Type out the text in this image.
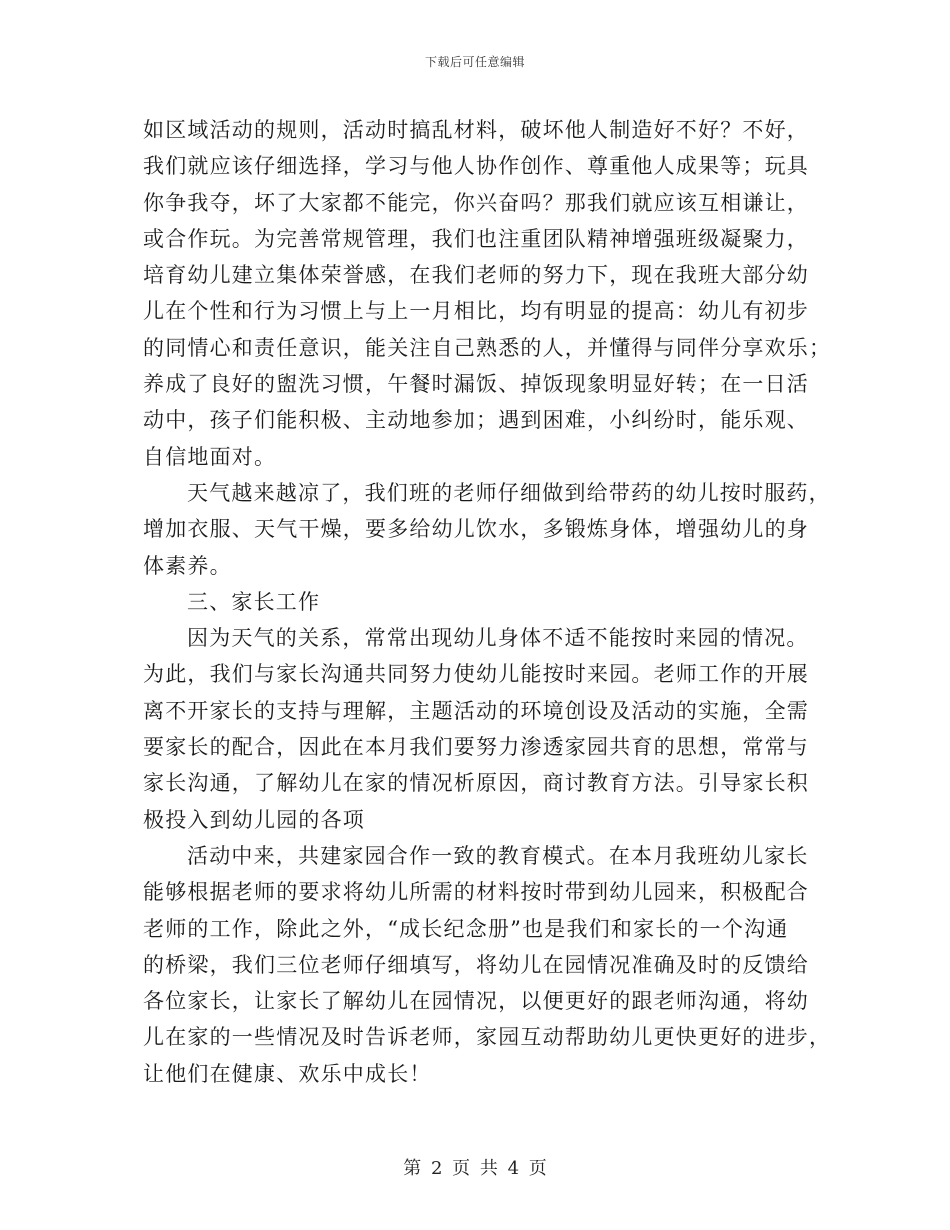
下载后可任意编辑
如区域活动的规则，活动时搞乱材料，破坏他人制造好不好？不好，
我们就应该仔细选择，学习与他人协作创作、尊重他人成果等；玩具
你争我夺，坏了大家都不能完，你兴奋吗？那我们就应该互相谦让，
或合作玩。为完善常规管理，我们也注重团队精神增强班级凝聚力，
培育幼儿建立集体荣誉感，在我们老师的努力下，现在我班大部分幼
儿在个性和行为习惯上与上一月相比，均有明显的提高：幼儿有初步
的同情心和责任意识，能关注自己熟悉的人，并懂得与同伴分享欢乐；
养成了良好的盥洗习惯，午餐时漏饭、掉饭现象明显好转；在一日活
动中，孩子们能积极、主动地参加；遇到困难，小纠纷时，能乐观、
自信地面对。
天气越来越凉了，我们班的老师仔细做到给带药的幼儿按时服药，
增加衣服、天气干燥，要多给幼儿饮水，多锻炼身体，增强幼儿的身
体素养。
三、家长工作
因为天气的关系，常常出现幼儿身体不适不能按时来园的情况。
为此，我们与家长沟通共同努力使幼儿能按时来园。老师工作的开展
离不开家长的支持与理解，主题活动的环境创设及活动的实施，全需
要家长的配合，因此在本月我们要努力渗透家园共育的思想，常常与
家长沟通，了解幼儿在家的情况析原因，商讨教育方法。引导家长积
极投入到幼儿园的各项
活动中来，共建家园合作一致的教育模式。在本月我班幼儿家长
能够根据老师的要求将幼儿所需的材料按时带到幼儿园来，积极配合
老师的工作，除此之外，“成长纪念册”也是我们和家长的一个沟通
的桥梁，我们三位老师仔细填写，将幼儿在园情况准确及时的反馈给
各位家长，让家长了解幼儿在园情况，以便更好的跟老师沟通，将幼
儿在家的一些情况及时告诉老师，家园互动帮助幼儿更快更好的进步，
让他们在健康、欢乐中成长！
第 2 页 共 4 页
